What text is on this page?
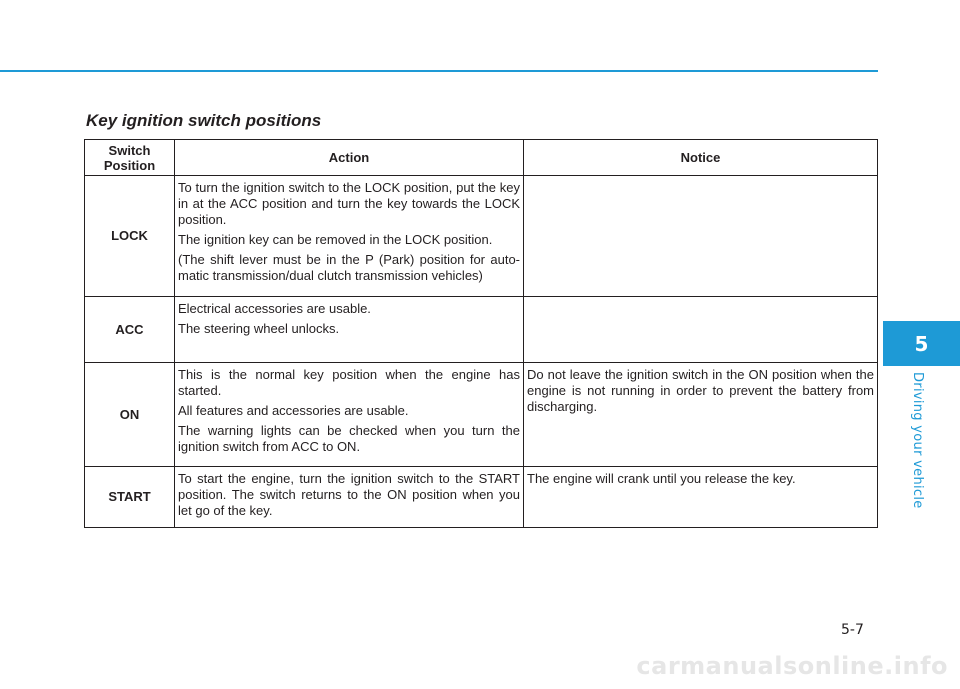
Key ignition switch positions
Switch
Position	Action	Notice
LOCK	To turn the ignition switch to the LOCK position, put the key in at the ACC position and turn the key towards the LOCK position.

The ignition key can be removed in the LOCK position.

(The shift lever must be in the P (Park) position for auto-matic transmission/dual clutch transmission vehicles)	

ACC	Electrical accessories are usable.

The steering wheel unlocks.	

ON	This is the normal key position when the engine has started.

All features and accessories are usable.

The warning lights can be checked when you turn the ignition switch from ACC to ON.	Do not leave the ignition switch in the ON position when the engine is not running in order to prevent the battery from discharging.
START	To start the engine, turn the ignition switch to the START position. The switch returns to the ON position when you let go of the key.	The engine will crank until you release the key.
5
Driving your vehicle
5-7
carmanualsonline.info
